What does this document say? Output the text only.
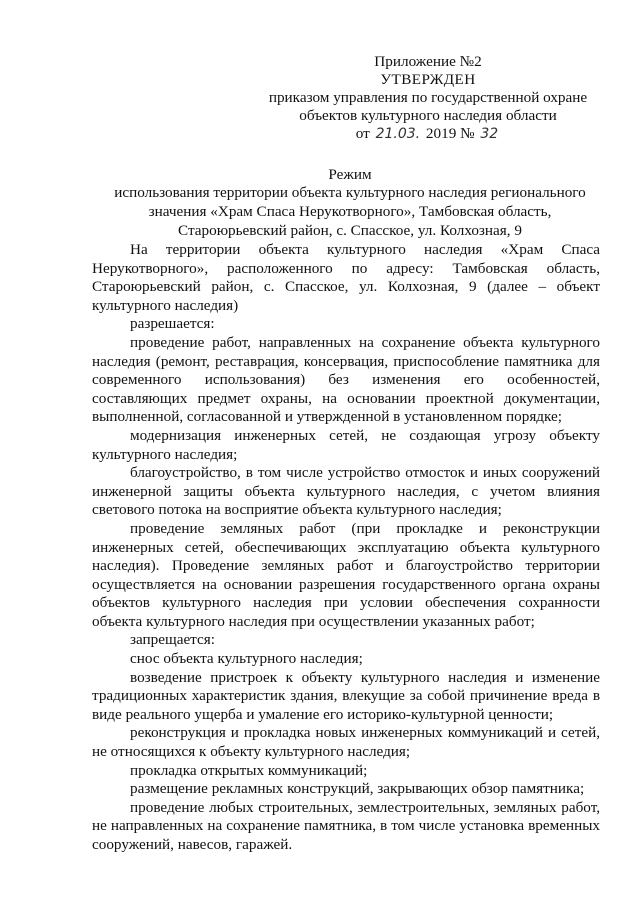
Приложение №2
УТВЕРЖДЕН
приказом управления по государственной охране
объектов культурного наследия области
от 21.03. 2019 № 32
Режим
использования территории объекта культурного наследия регионального
значения «Храм Спаса Нерукотворного», Тамбовская область,
Староюрьевский район, с. Спасское, ул. Колхозная, 9

На территории объекта культурного наследия «Храм Спаса Нерукотворного», расположенного по адресу: Тамбовская область, Староюрьевский район, с. Спасское, ул. Колхозная, 9 (далее – объект культурного наследия)

разрешается:

проведение работ, направленных на сохранение объекта культурного наследия (ремонт, реставрация, консервация, приспособление памятника для современного использования) без изменения его особенностей, составляющих предмет охраны, на основании проектной документации, выполненной, согласованной и утвержденной в установленном порядке;

модернизация инженерных сетей, не создающая угрозу объекту культурного наследия;

благоустройство, в том числе устройство отмосток и иных сооружений инженерной защиты объекта культурного наследия, с учетом влияния светового потока на восприятие объекта культурного наследия;

проведение земляных работ (при прокладке и реконструкции инженерных сетей, обеспечивающих эксплуатацию объекта культурного наследия). Проведение земляных работ и благоустройство территории осуществляется на основании разрешения государственного органа охраны объектов культурного наследия при условии обеспечения сохранности объекта культурного наследия при осуществлении указанных работ;

запрещается:

снос объекта культурного наследия;

возведение пристроек к объекту культурного наследия и изменение традиционных характеристик здания, влекущие за собой причинение вреда в виде реального ущерба и умаление его историко-культурной ценности;

реконструкция и прокладка новых инженерных коммуникаций и сетей, не относящихся к объекту культурного наследия;

прокладка открытых коммуникаций;

размещение рекламных конструкций, закрывающих обзор памятника;

проведение любых строительных, землестроительных, земляных работ, не направленных на сохранение памятника, в том числе установка временных сооружений, навесов, гаражей.
